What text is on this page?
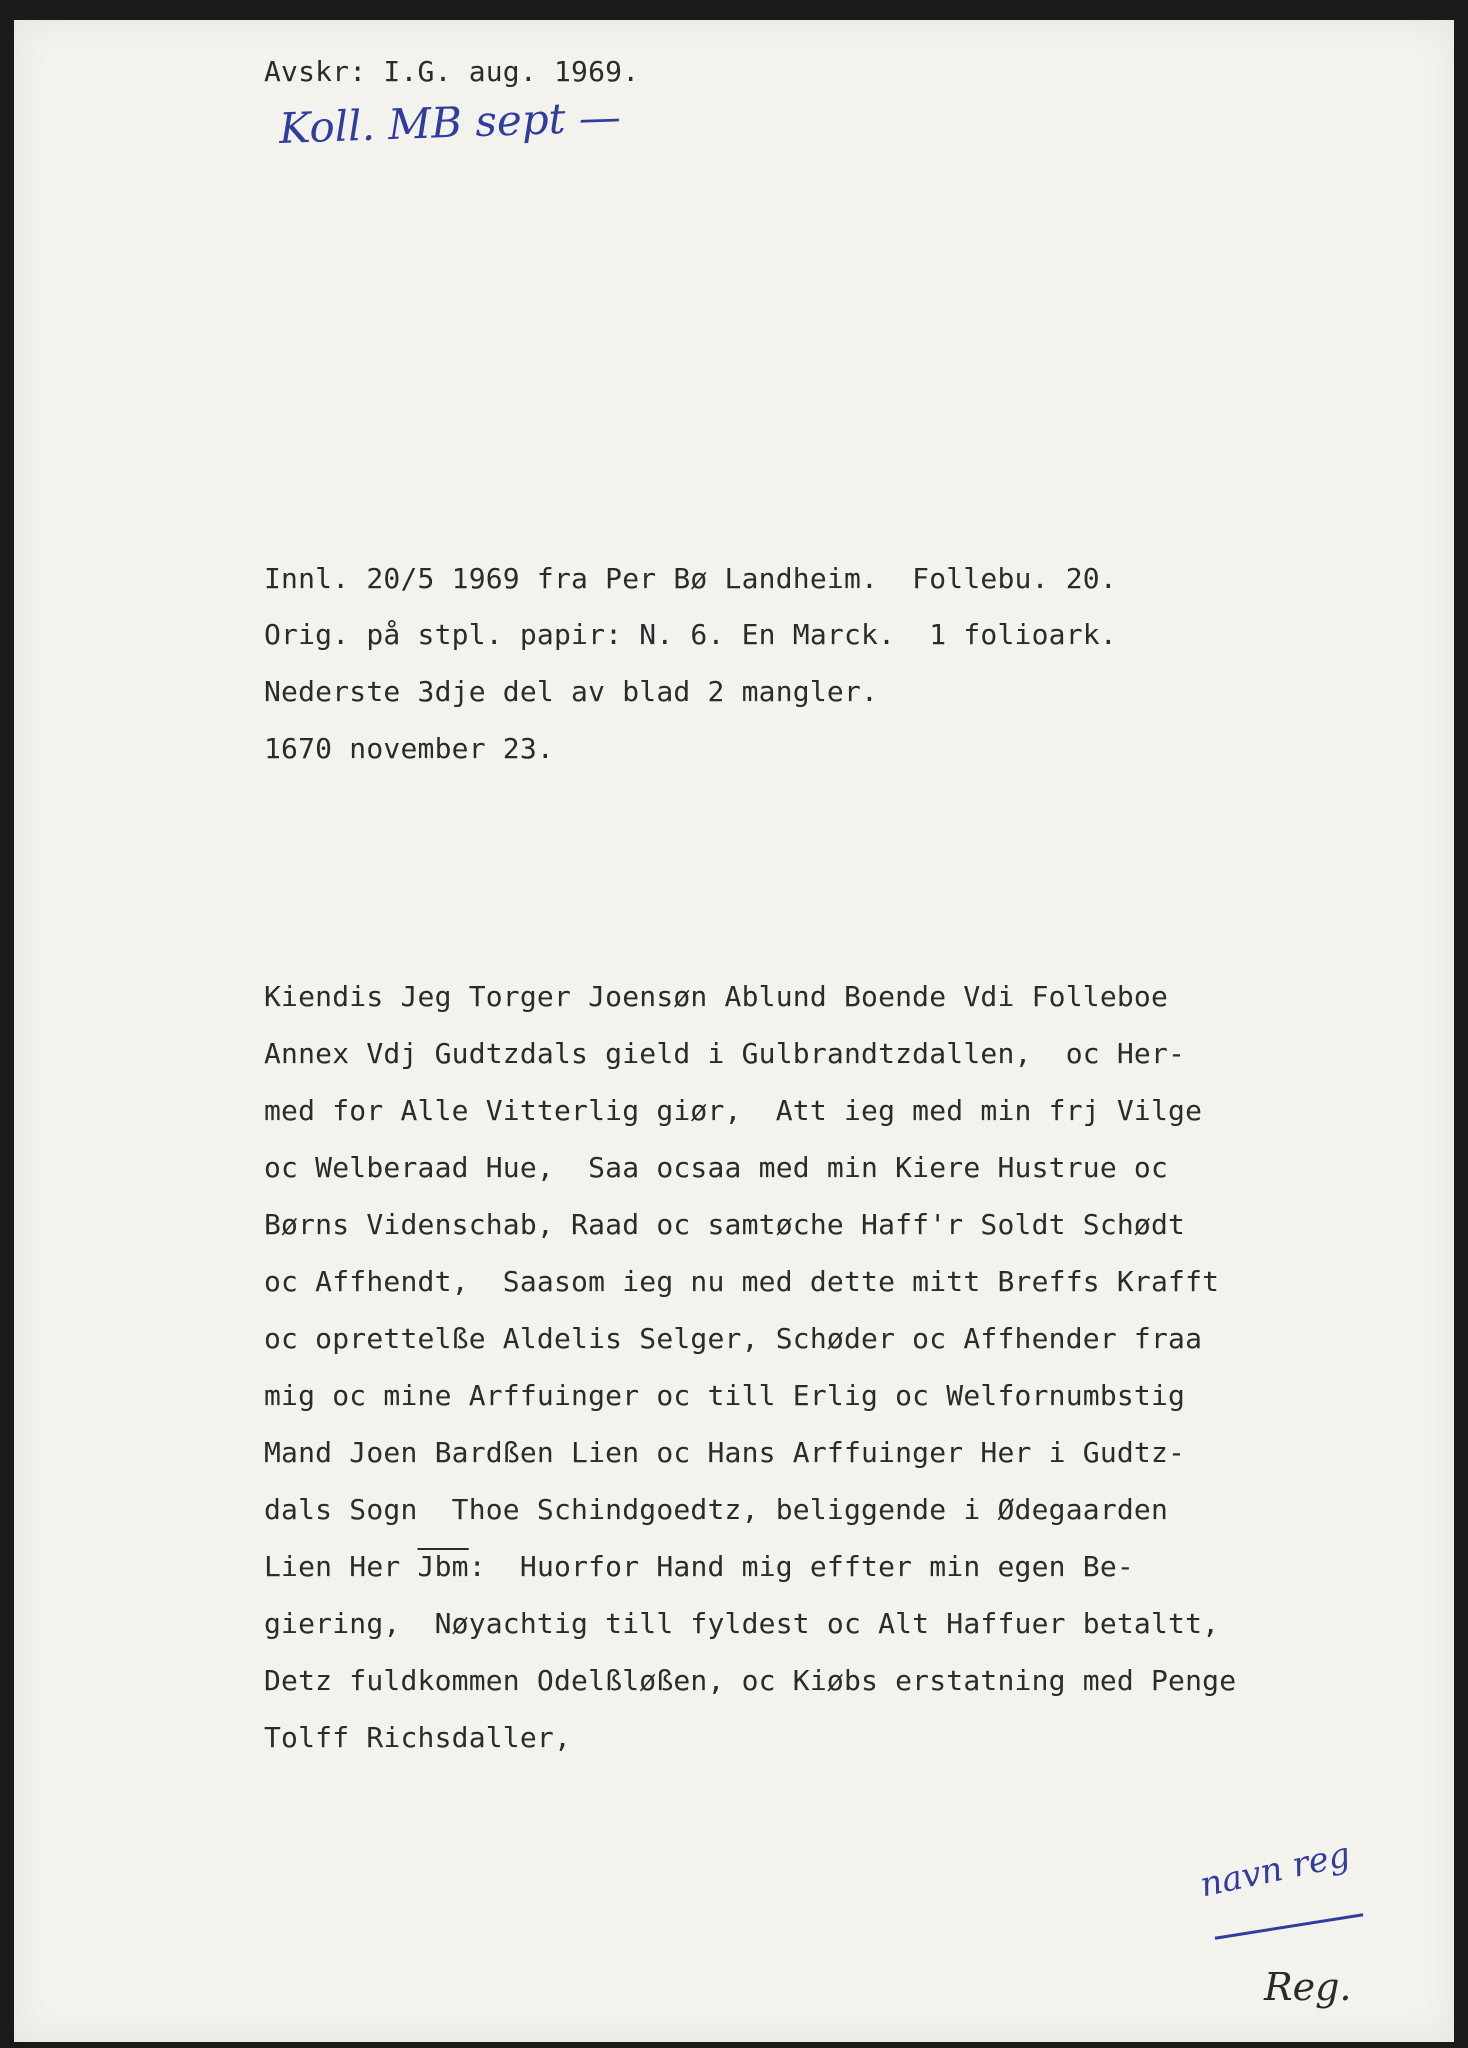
Avskr: I.G. aug. 1969.
Koll. MB sept —
Innl. 20/5 1969 fra Per Bø Landheim.  Follebu. 20.
Orig. på stpl. papir: N. 6. En Marck.  1 folioark.
Nederste 3dje del av blad 2 mangler.
1670 november 23.
Kiendis Jeg Torger Joensøn Ablund Boende Vdi Folleboe
Annex Vdj Gudtzdals gield i Gulbrandtzdallen,  oc Her-
med for Alle Vitterlig giør,  Att ieg med min frj Vilge
oc Welberaad Hue,  Saa ocsaa med min Kiere Hustrue oc
Børns Videnschab, Raad oc samtøche Haff'r Soldt Schødt
oc Affhendt,  Saasom ieg nu med dette mitt Breffs Krafft
oc oprettelße Aldelis Selger, Schøder oc Affhender fraa
mig oc mine Arffuinger oc till Erlig oc Welfornumbstig
Mand Joen Bardßen Lien oc Hans Arffuinger Her i Gudtz-
dals Sogn  Thoe Schindgoedtz, beliggende i Ødegaarden
Lien Her $\overline{Jbm}$:  Huorfor Hand mig effter min egen Be-
giering,  Nøyachtig till fyldest oc Alt Haffuer betaltt,
Detz fuldkommen Odelßløßen, oc Kiøbs erstatning med Penge
Tolff Richsdaller,
navn reg
Reg.
